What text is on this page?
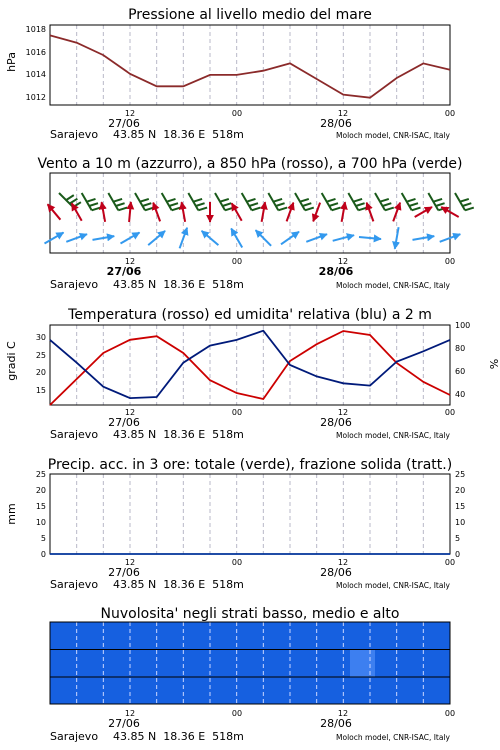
Pressione al livello medio del mare
hPa
1018
1016
1014
1012
12	00	12	00
27/06	28/06
Sarajevo 43.85 N  18.36 E  518m	Moloch model, CNR-ISAC, Italy
Vento a 10 m (azzurro), a 850 hPa (rosso), a 700 hPa (verde)
12	00	12	00
27/06	28/06
Sarajevo 43.85 N  18.36 E  518m	Moloch model, CNR-ISAC, Italy
Temperatura (rosso) ed umidita' relativa (blu) a 2 m
gradi C	%
30
25
20
15
100
80
60
40
12	00	12	00
27/06	28/06
Sarajevo 43.85 N  18.36 E  518m	Moloch model, CNR-ISAC, Italy
Precip. acc. in 3 ore: totale (verde), frazione solida (tratt.)
mm
25
20
15
10
5
0
25
20
15
10
5
0
12	00	12	00
27/06	28/06
Sarajevo 43.85 N  18.36 E  518m	Moloch model, CNR-ISAC, Italy
Nuvolosita' negli strati basso, medio e alto
12	00	12	00
27/06	28/06
Sarajevo 43.85 N  18.36 E  518m	Moloch model, CNR-ISAC, Italy
